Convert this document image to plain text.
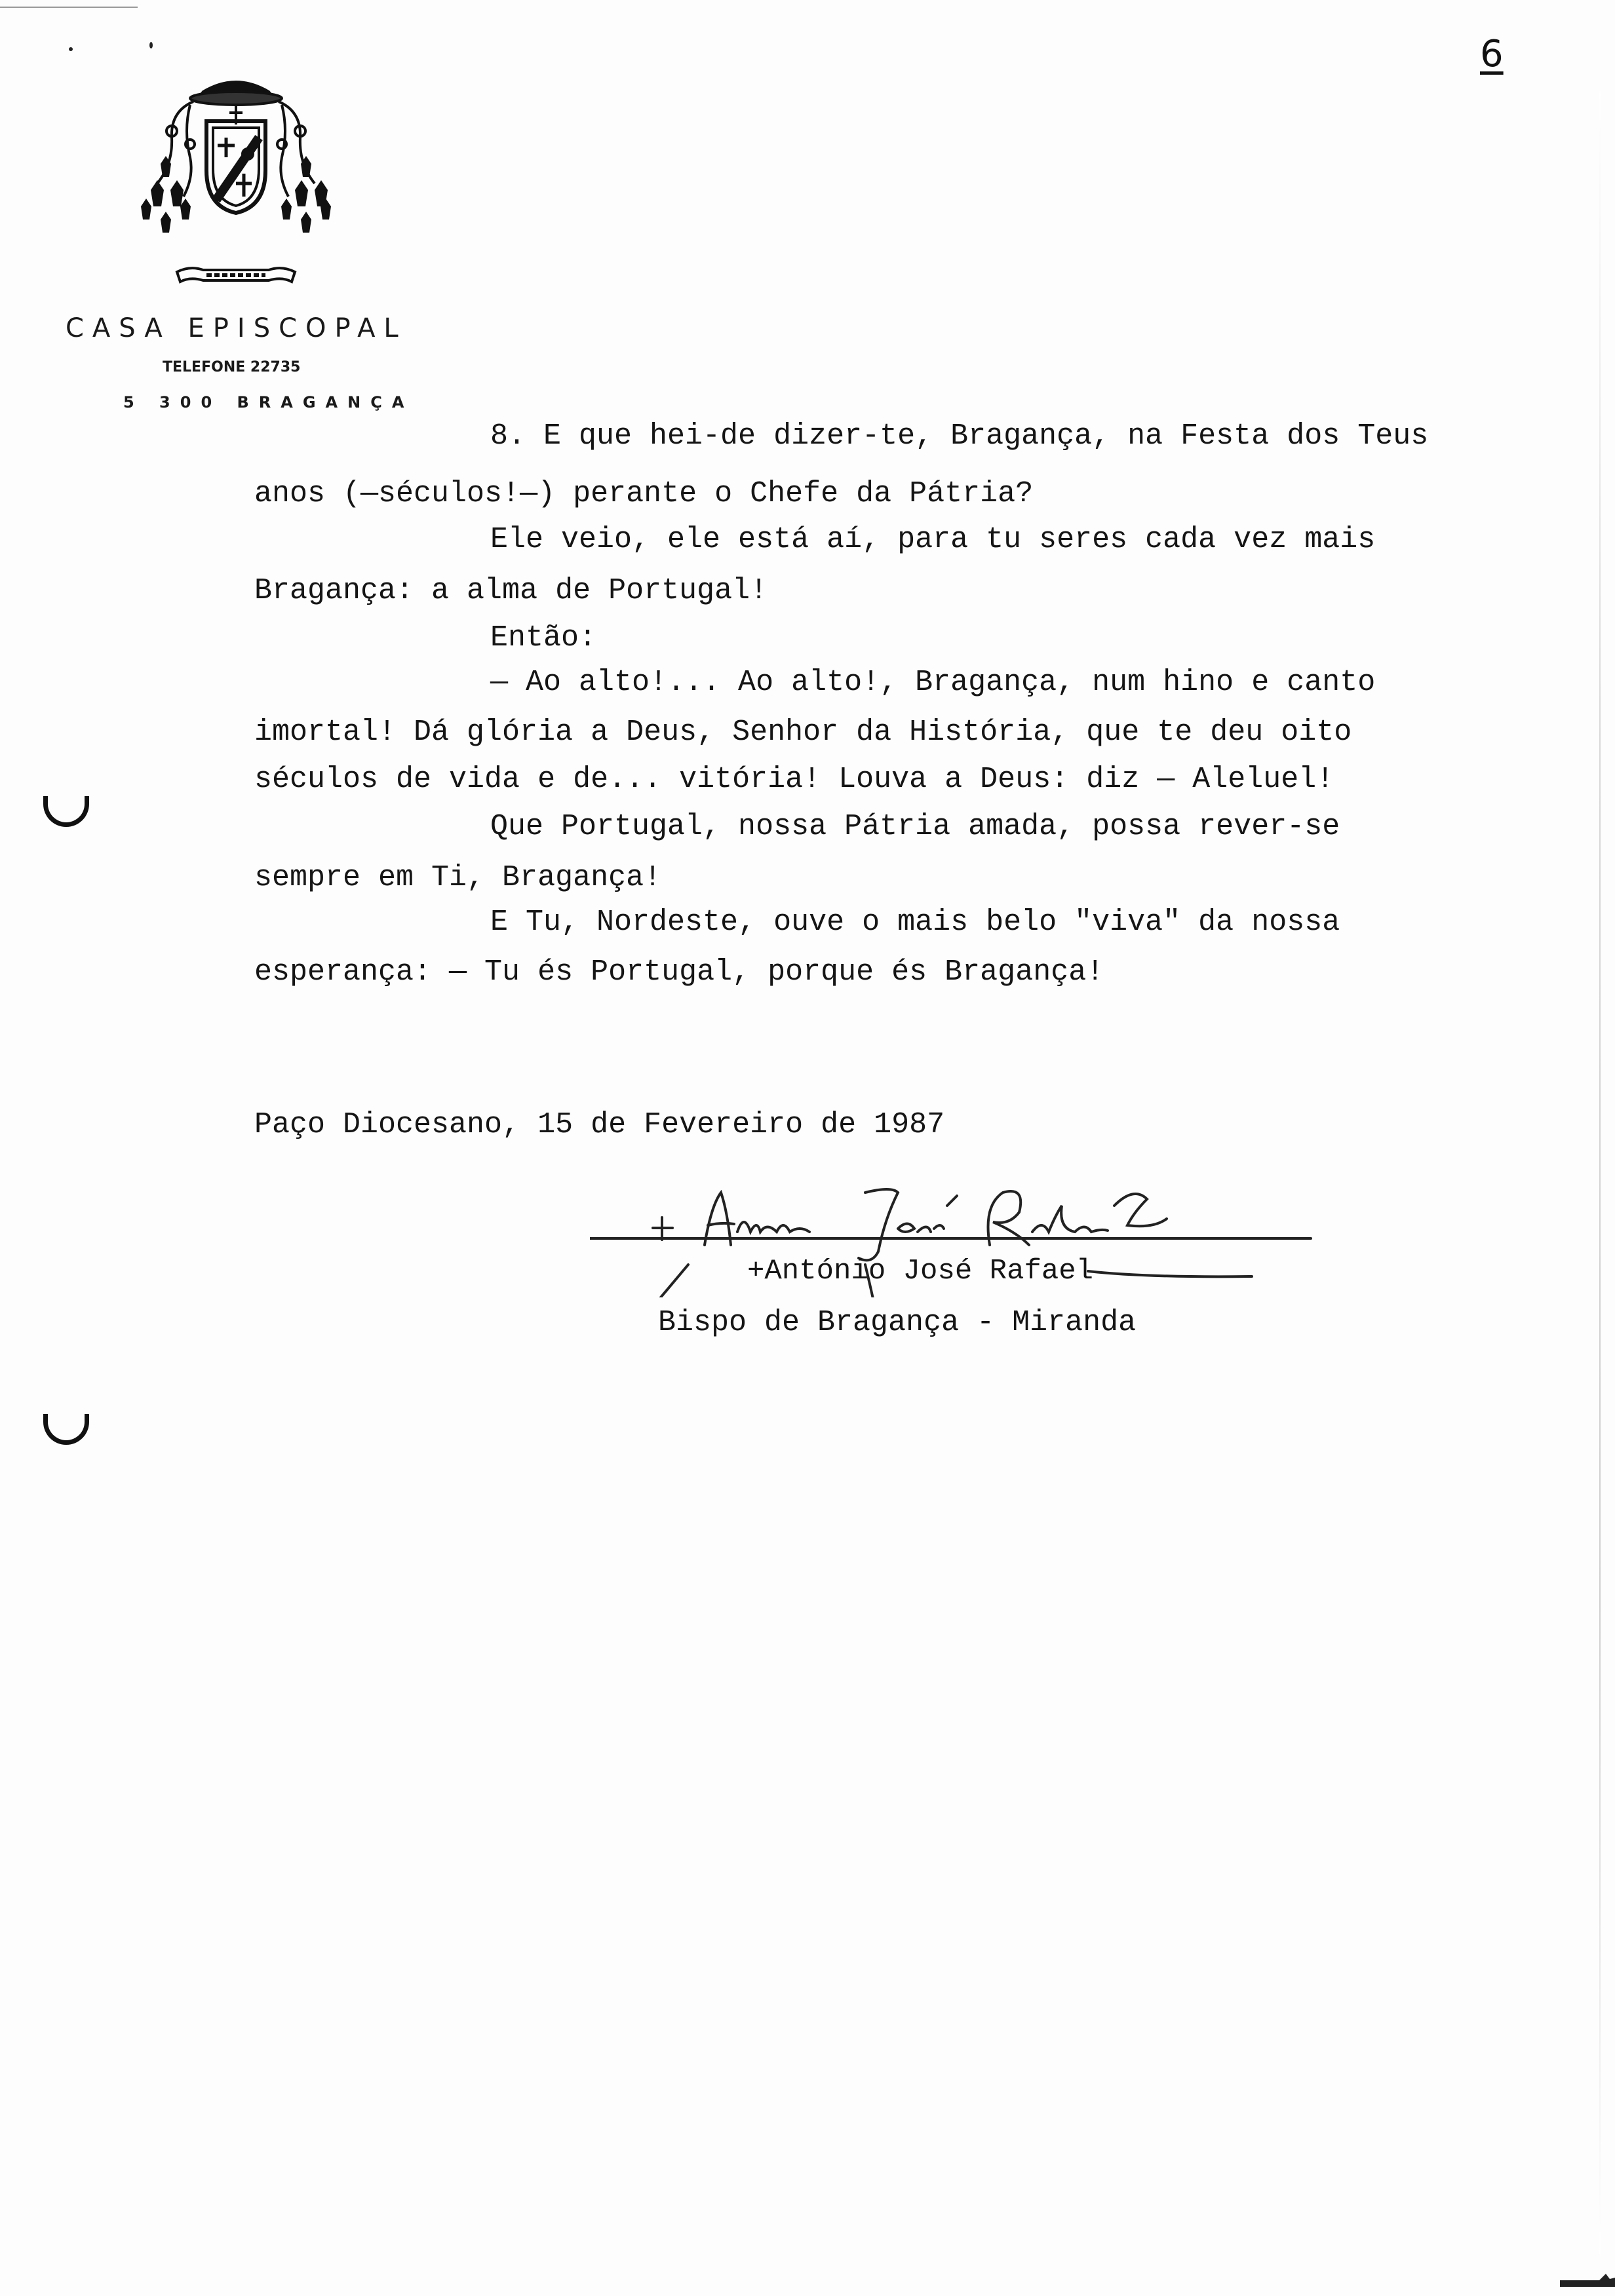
6
CASA EPISCOPAL
TELEFONE 22735
5 300 BRAGANÇA
8. E que hei-de dizer-te, Bragança, na Festa dos Teus
anos (—séculos!—) perante o Chefe da Pátria?
Ele veio, ele está aí, para tu seres cada vez mais
Bragança: a alma de Portugal!
Então:
— Ao alto!... Ao alto!, Bragança, num hino e canto
imortal! Dá glória a Deus, Senhor da História, que te deu oito
séculos de vida e de... vitória! Louva a Deus: diz — Aleluel!
Que Portugal, nossa Pátria amada, possa rever-se
sempre em Ti, Bragança!
E Tu, Nordeste, ouve o mais belo "viva" da nossa
esperança: — Tu és Portugal, porque és Bragança!
Paço Diocesano, 15 de Fevereiro de 1987
+António José Rafael
Bispo de Bragança - Miranda
